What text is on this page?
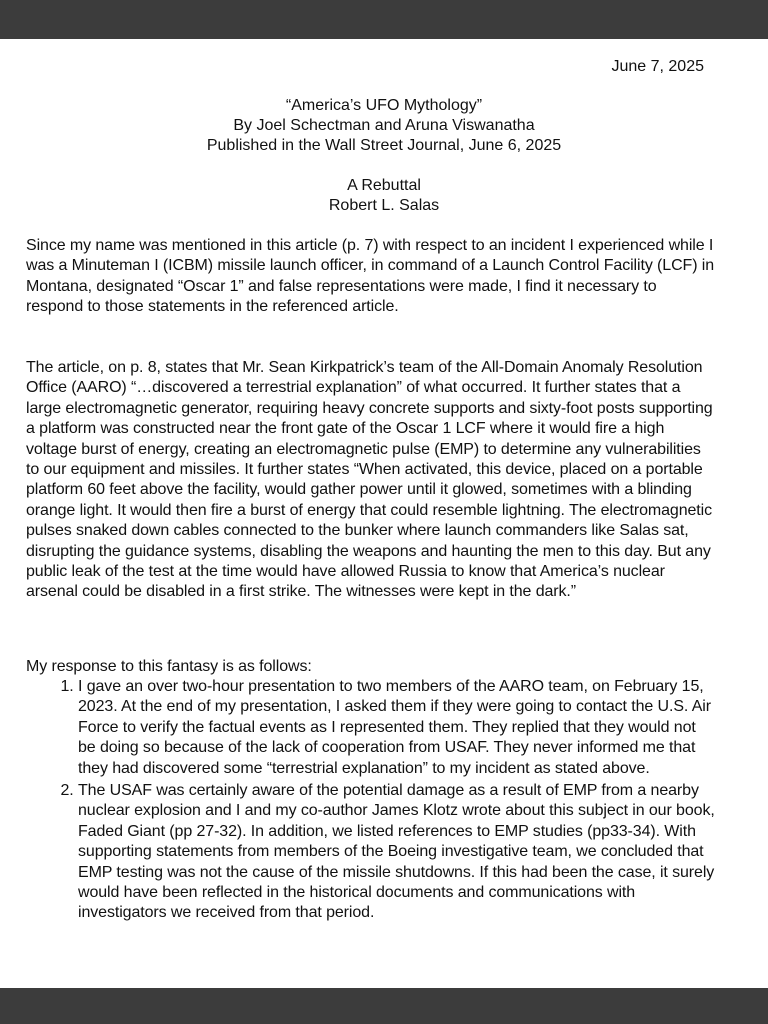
June 7, 2025
“America’s UFO Mythology”
By Joel Schectman and Aruna Viswanatha
Published in the Wall Street Journal, June 6, 2025
A Rebuttal
Robert L. Salas

Since my name was mentioned in this article (p. 7) with respect to an incident I experienced while I was a Minuteman I (ICBM) missile launch officer, in command of a Launch Control Facility (LCF) in Montana, designated “Oscar 1” and false representations were made, I find it necessary to respond to those statements in the referenced article.

The article, on p. 8, states that Mr. Sean Kirkpatrick’s team of the All-Domain Anomaly Resolution Office (AARO) “…discovered a terrestrial explanation” of what occurred. It further states that a large electromagnetic generator, requiring heavy concrete supports and sixty-foot posts supporting a platform was constructed near the front gate of the Oscar 1 LCF where it would fire a high voltage burst of energy, creating an electromagnetic pulse (EMP) to determine any vulnerabilities to our equipment and missiles. It further states “When activated, this device, placed on a portable platform 60 feet above the facility, would gather power until it glowed, sometimes with a blinding orange light. It would then fire a burst of energy that could resemble lightning. The electromagnetic pulses snaked down cables connected to the bunker where launch commanders like Salas sat, disrupting the guidance systems, disabling the weapons and haunting the men to this day. But any public leak of the test at the time would have allowed Russia to know that America’s nuclear arsenal could be disabled in a first strike. The witnesses were kept in the dark.”

My response to this fantasy is as follows:

1. I gave an over two-hour presentation to two members of the AARO team, on February 15, 2023. At the end of my presentation, I asked them if they were going to contact the U.S. Air Force to verify the factual events as I represented them. They replied that they would not be doing so because of the lack of cooperation from USAF. They never informed me that they had discovered some “terrestrial explanation” to my incident as stated above.
2. The USAF was certainly aware of the potential damage as a result of EMP from a nearby nuclear explosion and I and my co-author James Klotz wrote about this subject in our book, Faded Giant (pp 27-32). In addition, we listed references to EMP studies (pp33-34). With supporting statements from members of the Boeing investigative team, we concluded that EMP testing was not the cause of the missile shutdowns. If this had been the case, it surely would have been reflected in the historical documents and communications with investigators we received from that period.
